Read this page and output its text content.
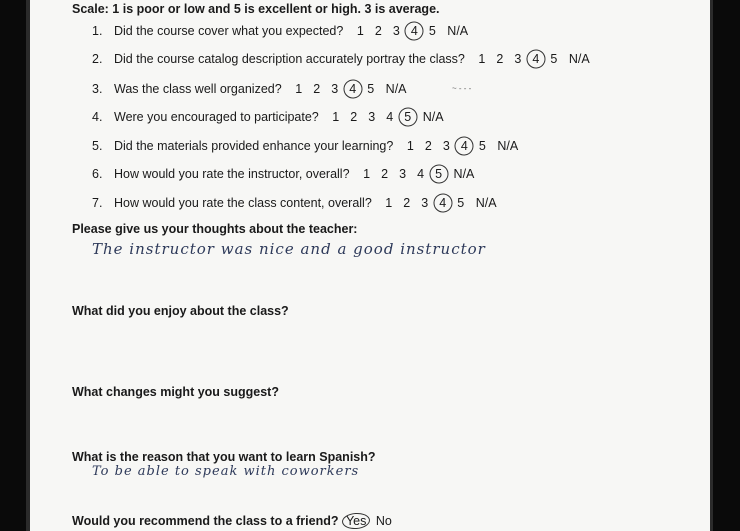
Scale: 1 is poor or low and 5 is excellent or high. 3 is average.
1. Did the course cover what you expected? 1 2 3 4 5 N/A
2. Did the course catalog description accurately portray the class? 1 2 3 4 5 N/A
3. Was the class well organized? 1 2 3 4 5 N/A
4. Were you encouraged to participate? 1 2 3 4 5 N/A
5. Did the materials provided enhance your learning? 1 2 3 4 5 N/A
6. How would you rate the instructor, overall? 1 2 3 4 5 N/A
7. How would you rate the class content, overall? 1 2 3 4 5 N/A
~ - - -
Please give us your thoughts about the teacher:
The instructor was nice and a good instructor
What did you enjoy about the class?
What changes might you suggest?
What is the reason that you want to learn Spanish?
To be able to speak with coworkers
Would you recommend the class to a friend? Yes No
